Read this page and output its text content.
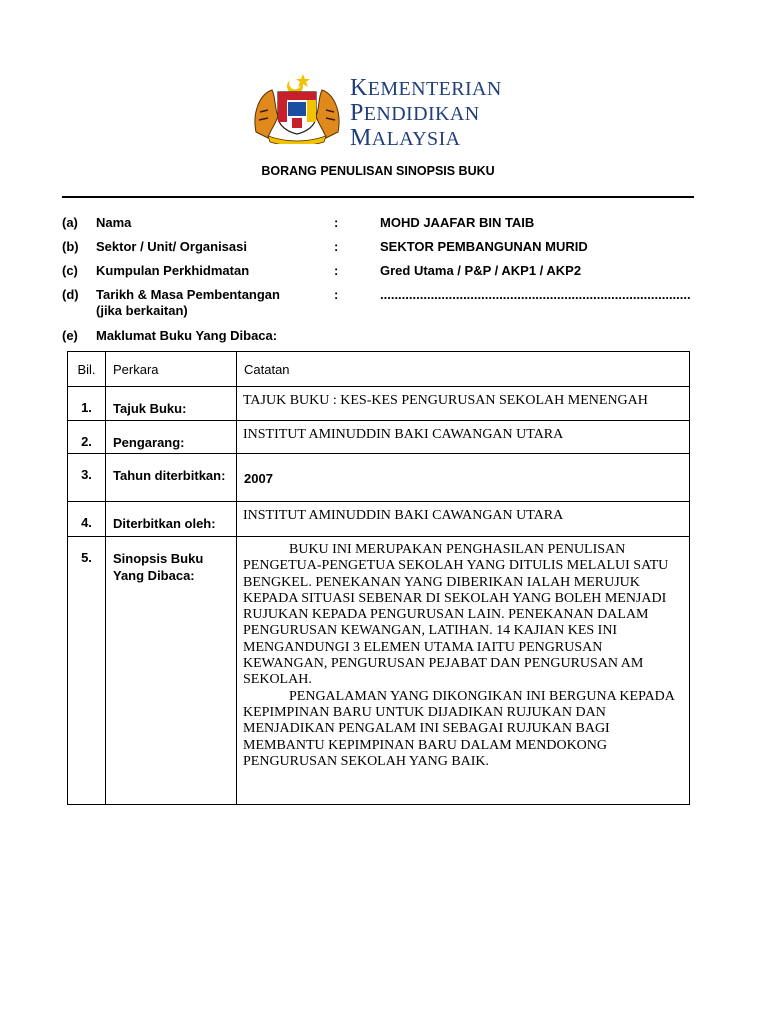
KEMENTERIAN
PENDIDIKAN
MALAYSIA
BORANG PENULISAN SINOPSIS BUKU
(a) Nama	:	MOHD JAAFAR BIN TAIB
(b) Sektor / Unit/ Organisasi	:	SEKTOR PEMBANGUNAN MURID
(c) Kumpulan Perkhidmatan	:	Gred Utama / P&P / AKP1 / AKP2
(d) Tarikh & Masa Pembentangan
(jika berkaitan)
:	......................................................................................
(e) Maklumat Buku Yang Dibaca:
Bil.	Perkara	Catatan
1.	Tajuk Buku:	TAJUK BUKU : KES-KES PENGURUSAN SEKOLAH MENENGAH
2.	Pengarang:	INSTITUT AMINUDDIN BAKI CAWANGAN UTARA
3.	Tahun diterbitkan:	2007
4.	Diterbitkan oleh:	INSTITUT AMINUDDIN BAKI CAWANGAN UTARA
5.	Sinopsis Buku Yang Dibaca:	BUKU INI MERUPAKAN PENGHASILAN PENULISAN PENGETUA-PENGETUA SEKOLAH YANG DITULIS MELALUI SATU BENGKEL. PENEKANAN YANG DIBERIKAN IALAH MERUJUK KEPADA SITUASI SEBENAR DI SEKOLAH YANG BOLEH MENJADI RUJUKAN KEPADA PENGURUSAN LAIN. PENEKANAN DALAM PENGURUSAN KEWANGAN, LATIHAN. 14 KAJIAN KES INI MENGANDUNGI 3 ELEMEN UTAMA IAITU PENGRUSAN KEWANGAN, PENGURUSAN PEJABAT DAN PENGURUSAN AM SEKOLAH.
PENGALAMAN YANG DIKONGIKAN INI BERGUNA KEPADA KEPIMPINAN BARU UNTUK DIJADIKAN RUJUKAN DAN MENJADIKAN PENGALAM INI SEBAGAI RUJUKAN BAGI MEMBANTU KEPIMPINAN BARU DALAM MENDOKONG PENGURUSAN SEKOLAH YANG BAIK.
